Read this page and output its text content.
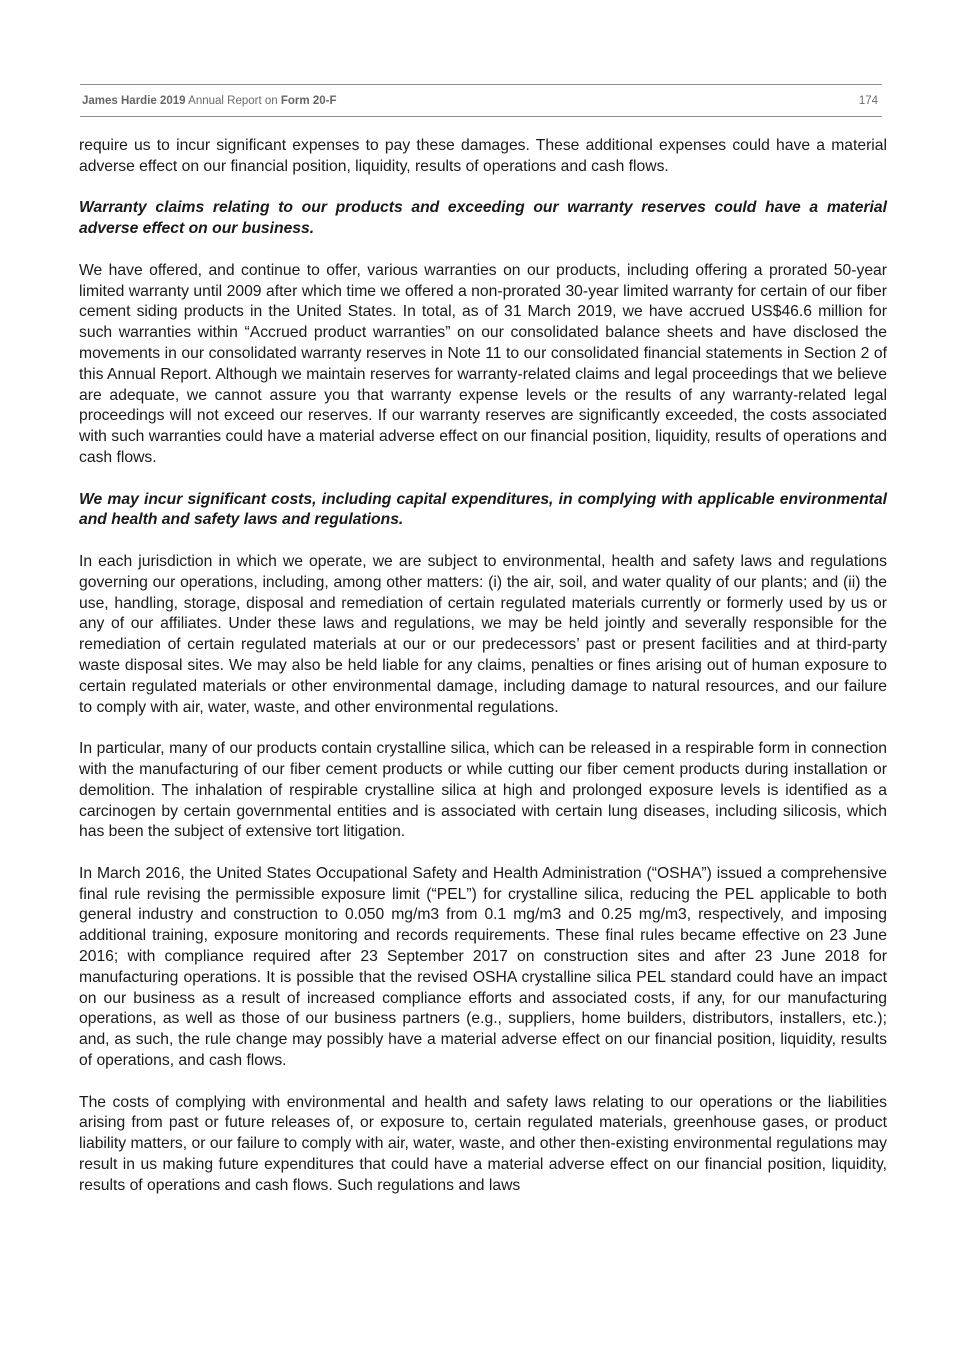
James Hardie 2019 Annual Report on Form 20-F	174

require us to incur significant expenses to pay these damages. These additional expenses could have a material adverse effect on our financial position, liquidity, results of operations and cash flows.

Warranty claims relating to our products and exceeding our warranty reserves could have a material adverse effect on our business.

We have offered, and continue to offer, various warranties on our products, including offering a prorated 50-year limited warranty until 2009 after which time we offered a non-prorated 30-year limited warranty for certain of our fiber cement siding products in the United States. In total, as of 31 March 2019, we have accrued US$46.6 million for such warranties within “Accrued product warranties” on our consolidated balance sheets and have disclosed the movements in our consolidated warranty reserves in Note 11 to our consolidated financial statements in Section 2 of this Annual Report. Although we maintain reserves for warranty-related claims and legal proceedings that we believe are adequate, we cannot assure you that warranty expense levels or the results of any warranty-related legal proceedings will not exceed our reserves. If our warranty reserves are significantly exceeded, the costs associated with such warranties could have a material adverse effect on our financial position, liquidity, results of operations and cash flows.

We may incur significant costs, including capital expenditures, in complying with applicable environmental and health and safety laws and regulations.

In each jurisdiction in which we operate, we are subject to environmental, health and safety laws and regulations governing our operations, including, among other matters: (i) the air, soil, and water quality of our plants; and (ii) the use, handling, storage, disposal and remediation of certain regulated materials currently or formerly used by us or any of our affiliates. Under these laws and regulations, we may be held jointly and severally responsible for the remediation of certain regulated materials at our or our predecessors’ past or present facilities and at third-party waste disposal sites. We may also be held liable for any claims, penalties or fines arising out of human exposure to certain regulated materials or other environmental damage, including damage to natural resources, and our failure to comply with air, water, waste, and other environmental regulations.

In particular, many of our products contain crystalline silica, which can be released in a respirable form in connection with the manufacturing of our fiber cement products or while cutting our fiber cement products during installation or demolition. The inhalation of respirable crystalline silica at high and prolonged exposure levels is identified as a carcinogen by certain governmental entities and is associated with certain lung diseases, including silicosis, which has been the subject of extensive tort litigation.

In March 2016, the United States Occupational Safety and Health Administration (“OSHA”) issued a comprehensive final rule revising the permissible exposure limit (“PEL”) for crystalline silica, reducing the PEL applicable to both general industry and construction to 0.050 mg/m3 from 0.1 mg/m3 and 0.25 mg/m3, respectively, and imposing additional training, exposure monitoring and records requirements. These final rules became effective on 23 June 2016; with compliance required after 23 September 2017 on construction sites and after 23 June 2018 for manufacturing operations. It is possible that the revised OSHA crystalline silica PEL standard could have an impact on our business as a result of increased compliance efforts and associated costs, if any, for our manufacturing operations, as well as those of our business partners (e.g., suppliers, home builders, distributors, installers, etc.); and, as such, the rule change may possibly have a material adverse effect on our financial position, liquidity, results of operations, and cash flows.

The costs of complying with environmental and health and safety laws relating to our operations or the liabilities arising from past or future releases of, or exposure to, certain regulated materials, greenhouse gases, or product liability matters, or our failure to comply with air, water, waste, and other then-existing environmental regulations may result in us making future expenditures that could have a material adverse effect on our financial position, liquidity, results of operations and cash flows. Such regulations and laws
